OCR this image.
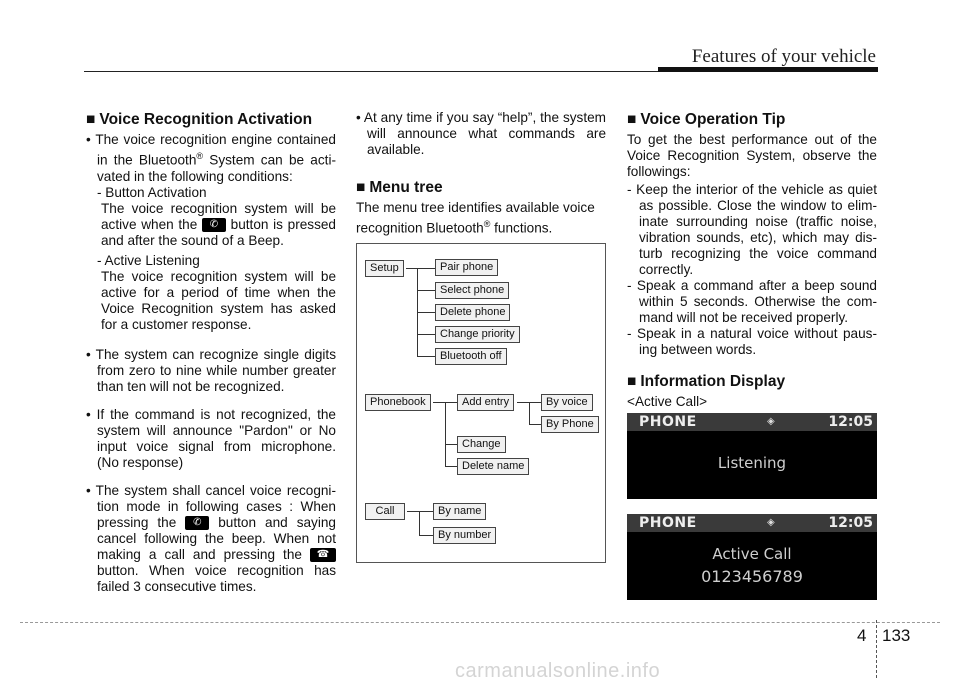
Features of your vehicle
■ Voice Recognition Activation

• The voice recognition engine contained in the Bluetooth® System can be activated in the following conditions:

- Button Activation

The voice recognition system will be active when the ✆ button is pressed and after the sound of a Beep.

- Active Listening

The voice recognition system will be active for a period of time when the Voice Recognition system has asked for a customer response.

• The system can recognize single digits from zero to nine while number greater than ten will not be recognized.

• If the command is not recognized, the system will announce "Pardon" or No input voice signal from microphone. (No response)

• The system shall cancel voice recognition mode in following cases : When pressing the ✆ button and saying cancel following the beep. When not making a call and pressing the ☎ button. When voice recognition has failed 3 consecutive times.

• At any time if you say “help”, the system will announce what commands are available.

■ Menu tree

The menu tree identifies available voice recognition Bluetooth® functions.

Setup	Pair phone
Select phone
Delete phone
Change priority
Bluetooth off
Phonebook	Add entry	By voice
By Phone
Change
Delete name
Call	By name
By number
■ Voice Operation Tip

To get the best performance out of the Voice Recognition System, observe the followings:

- Keep the interior of the vehicle as quiet as possible. Close the window to eliminate surrounding noise (traffic noise, vibration sounds, etc), which may disturb recognizing the voice command correctly.

- Speak a command after a beep sound within 5 seconds. Otherwise the command will not be received properly.

- Speak in a natural voice without pausing between words.

■ Information Display

<Active Call>

PHONE	◈	12:05
Listening
PHONE	◈	12:05
Active Call
0123456789
4 133
carmanualsonline.info
